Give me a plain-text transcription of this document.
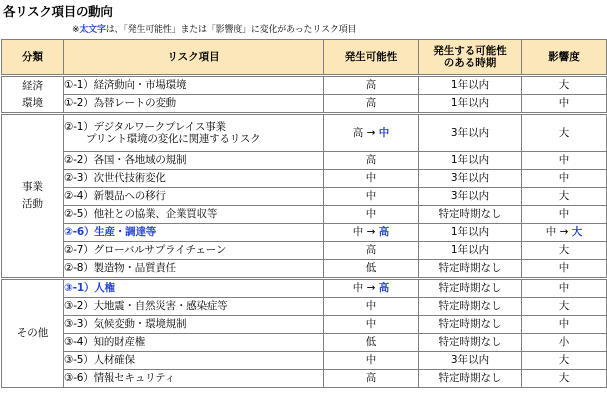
各リスク項目の動向
※太文字は、「発生可能性」または「影響度」に変化があったリスク項目
分類	リスク項目	発生可能性	発生する可能性
のある時期	影響度

経済
環境	①-1）経済動向・市場環境	高	1年以内	大
	①-2）為替レートの変動	高	1年以内	中

事業
活動	②-1）デジタルワークプレイス事業
プリント環境の変化に関連するリスク	高 → 中	3年以内	大
	②-2）各国・各地域の規制	高	1年以内	中
	②-3）次世代技術変化	中	3年以内	中
	②-4）新製品への移行	中	3年以内	大
	②-5）他社との協業、企業買収等	中	特定時期なし	中
	②-6）生産・調達等	中 → 高	1年以内	中 → 大
	②-7）グローバルサプライチェーン	高	1年以内	大
	②-8）製造物・品質責任	低	特定時期なし	中

その他	③-1）人権	中 → 高	特定時期なし	中
	③-2）大地震・自然災害・感染症等	中	特定時期なし	大
	③-3）気候変動・環境規制	中	特定時期なし	中
	③-4）知的財産権	低	特定時期なし	小
	③-5）人材確保	中	3年以内	大
	③-6）情報セキュリティ	高	特定時期なし	大
